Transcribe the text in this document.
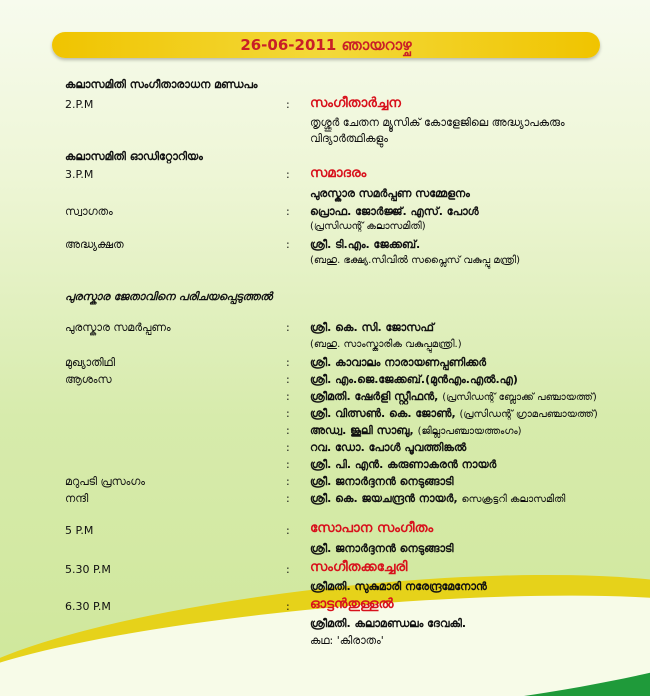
26-06-2011 ഞായറാഴ്ച
കലാസമിതി സംഗീതാരാധന മണ്ഡപം
2.P.M	: സംഗീതാർച്ചന
തൃശ്ശൂർ ചേതന മ്യൂസിക് കോളേജിലെ അദ്ധ്യാപകരും
വിദ്യാർത്ഥികളും
കലാസമിതി ഓഡിറ്റോറിയം
3.P.M	: സമാദരം
പുരസ്കാര സമർപ്പണ സമ്മേളനം
സ്വാഗതം	: പ്രൊഫ. ജോർജ്ജ്. എസ്. പോൾ
(പ്രസിഡന്റ് കലാസമിതി)
അദ്ധ്യക്ഷത	: ശ്രീ. ടി.എം. ജേക്കബ്.
(ബഹു. ഭക്ഷ്യ.സിവിൽ സപ്ലൈസ് വകുപ്പു മന്ത്രി)
പുരസ്കാര ജേതാവിനെ പരിചയപ്പെടുത്തൽ
പുരസ്കാര സമർപ്പണം	: ശ്രീ. കെ. സി. ജോസഫ്
(ബഹു. സാംസ്കാരിക വകുപ്പുമന്ത്രി.)
മുഖ്യാതിഥി	: ശ്രീ. കാവാലം നാരായണപ്പണിക്കർ
ആശംസ	: ശ്രീ. എം.ജെ.ജേക്കബ്.(മുൻഎം.എൽ.എ)
: ശ്രീമതി. ഷേർളി സ്റ്റീഫൻ, (പ്രസിഡന്റ് ബ്ലോക്ക് പഞ്ചായത്ത്)
: ശ്രീ. വിത്സൺ. കെ. ജോൺ, (പ്രസിഡന്റ് ഗ്രാമപഞ്ചായത്ത്)
: അഡ്വ. ജൂലി സാബു, (ജില്ലാപഞ്ചായത്തംഗം)
: റവ. ഡോ. പോൾ പൂവത്തിങ്കൽ
: ശ്രീ. പി. എൻ. കരുണാകരൻ നായർ
മറുപടി പ്രസംഗം	: ശ്രീ. ജനാർദ്ദനൻ നെടുങ്ങാടി
നന്ദി	: ശ്രീ. കെ. ജയചന്ദ്രൻ നായർ, സെക്രട്ടറി കലാസമിതി
5 P.M	: സോപാന സംഗീതം
ശ്രീ. ജനാർദ്ദനൻ നെടുങ്ങാടി
5.30 P.M	: സംഗീതക്കച്ചേരി
ശ്രീമതി. സുകുമാരി നരേന്ദ്രമേനോൻ
6.30 P.M	: ഓട്ടൻതുള്ളൽ
ശ്രീമതി. കലാമണ്ഡലം ദേവകി.
കഥ: 'കിരാതം'
